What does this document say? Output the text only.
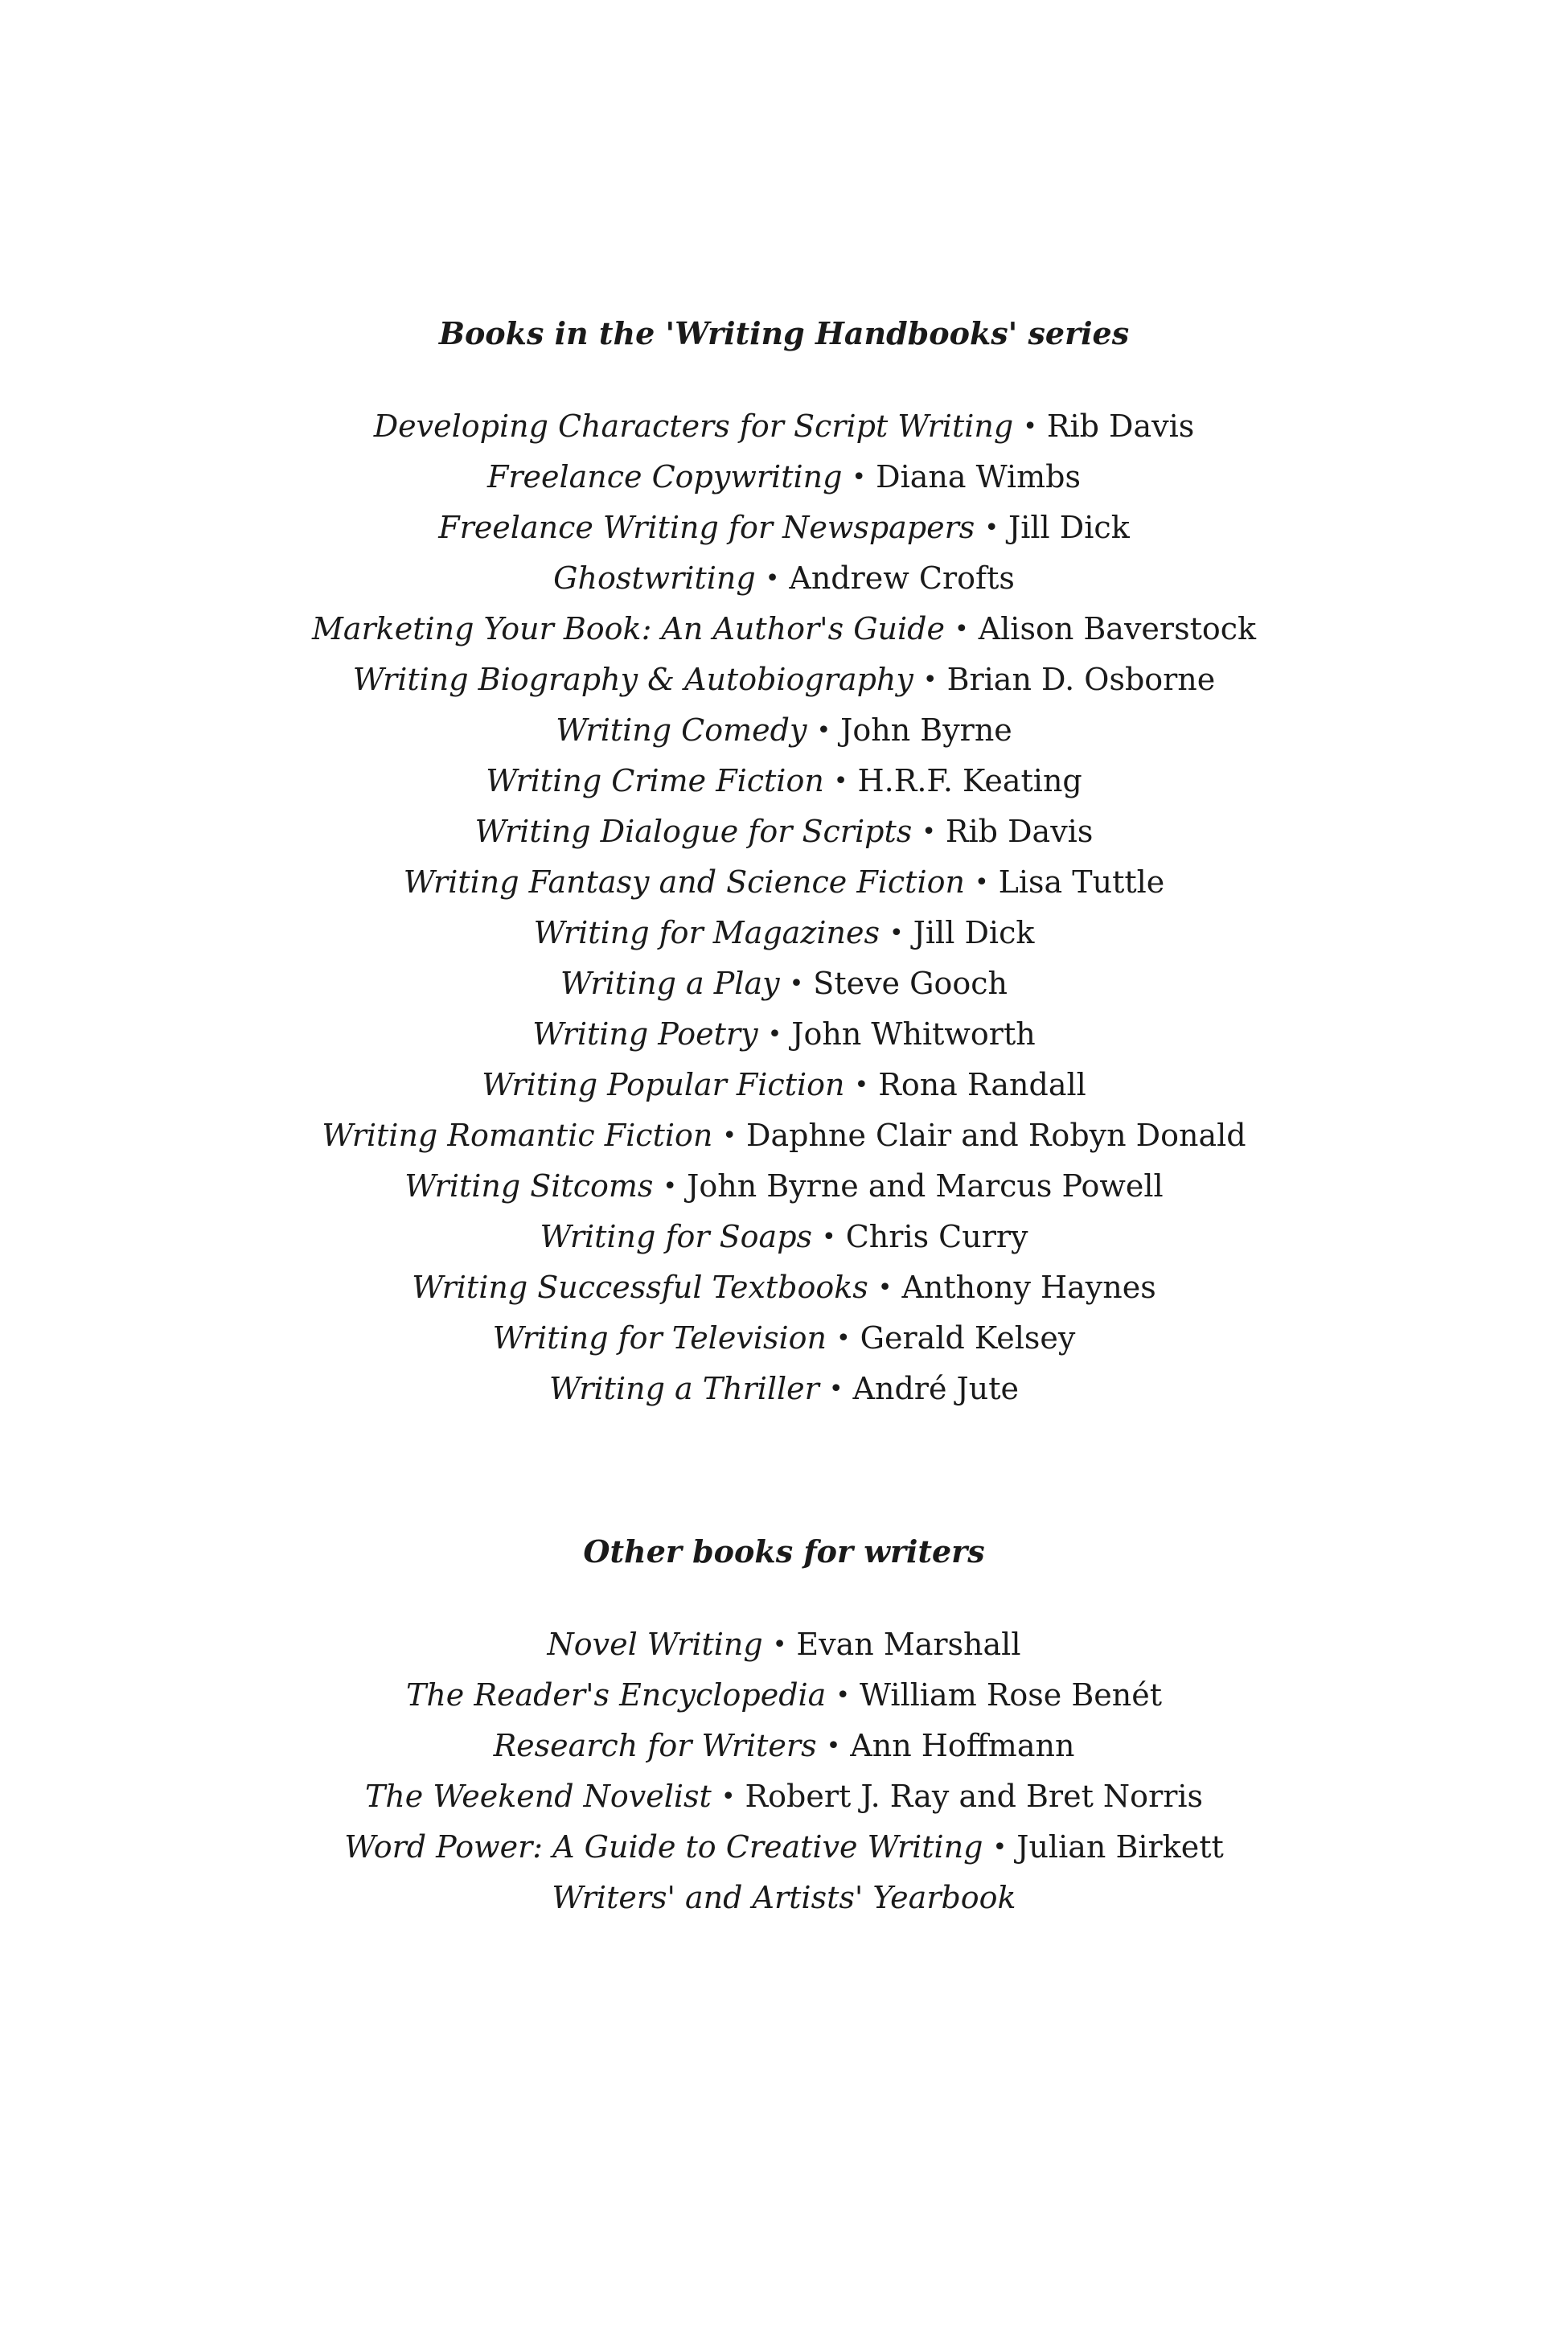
Books in the 'Writing Handbooks' series
Developing Characters for Script Writing • Rib Davis
Freelance Copywriting • Diana Wimbs
Freelance Writing for Newspapers • Jill Dick
Ghostwriting • Andrew Crofts
Marketing Your Book: An Author's Guide • Alison Baverstock
Writing Biography & Autobiography • Brian D. Osborne
Writing Comedy • John Byrne
Writing Crime Fiction • H.R.F. Keating
Writing Dialogue for Scripts • Rib Davis
Writing Fantasy and Science Fiction • Lisa Tuttle
Writing for Magazines • Jill Dick
Writing a Play • Steve Gooch
Writing Poetry • John Whitworth
Writing Popular Fiction • Rona Randall
Writing Romantic Fiction • Daphne Clair and Robyn Donald
Writing Sitcoms • John Byrne and Marcus Powell
Writing for Soaps • Chris Curry
Writing Successful Textbooks • Anthony Haynes
Writing for Television • Gerald Kelsey
Writing a Thriller • André Jute
Other books for writers
Novel Writing • Evan Marshall
The Reader's Encyclopedia • William Rose Benét
Research for Writers • Ann Hoffmann
The Weekend Novelist • Robert J. Ray and Bret Norris
Word Power: A Guide to Creative Writing • Julian Birkett
Writers' and Artists' Yearbook
